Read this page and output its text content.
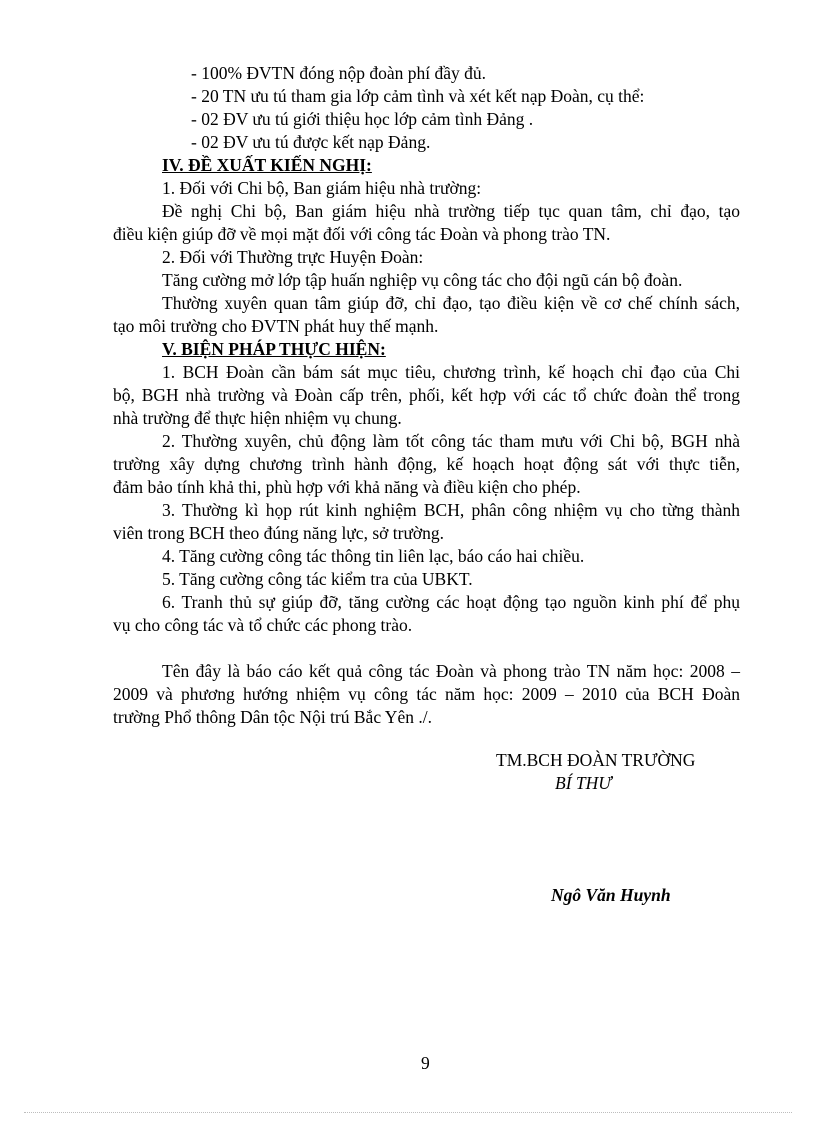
- 100% ĐVTN đóng nộp đoàn phí đầy đủ.
- 20 TN ưu tú tham gia lớp cảm tình và xét kết nạp Đoàn, cụ thể:
- 02 ĐV ưu tú giới thiệu học lớp cảm tình Đảng .
- 02 ĐV ưu tú được kết nạp Đảng.
IV. ĐỀ XUẤT KIẾN NGHỊ:
1. Đối với Chi bộ, Ban giám hiệu nhà trường:
Đề nghị Chi bộ, Ban giám hiệu nhà trường tiếp tục quan tâm, chỉ đạo, tạo
điều kiện giúp đỡ về mọi mặt đối với công tác Đoàn và phong trào TN.
2. Đối với Thường trực Huyện Đoàn:
Tăng cường mở lớp tập huấn nghiệp vụ công tác cho đội ngũ cán bộ đoàn.
Thường xuyên quan tâm giúp đỡ, chỉ đạo, tạo điều kiện về cơ chế chính sách,
tạo môi trường cho ĐVTN phát huy thế mạnh.
V. BIỆN PHÁP THỰC HIỆN:
1. BCH Đoàn cần bám sát mục tiêu, chương trình, kế hoạch chỉ đạo của Chi
bộ, BGH nhà trường và Đoàn cấp trên, phối, kết hợp với các tổ chức đoàn thể trong
nhà trường để thực hiện nhiệm vụ chung.
2. Thường xuyên, chủ động làm tốt công tác tham mưu với Chi bộ, BGH nhà
trường xây dựng chương trình hành động, kế hoạch hoạt động sát với thực tiễn,
đảm bảo tính khả thi, phù hợp với khả năng và điều kiện cho phép.
3. Thường kì họp rút kinh nghiệm BCH, phân công nhiệm vụ cho từng thành
viên trong BCH theo đúng năng lực, sở trường.
4. Tăng cường công tác thông tin liên lạc, báo cáo hai chiều.
5. Tăng cường công tác kiểm tra của UBKT.
6. Tranh thủ sự giúp đỡ, tăng cường các hoạt động tạo nguồn kinh phí để phụ
vụ cho công tác và tổ chức các phong trào.
Tên đây là báo cáo kết quả công tác Đoàn và phong trào TN năm học: 2008 –
2009 và phương hướng nhiệm vụ công tác năm học: 2009 – 2010 của BCH Đoàn
trường Phổ thông Dân tộc Nội trú Bắc Yên ./.
TM.BCH ĐOÀN TRƯỜNG
BÍ THƯ
Ngô Văn Huynh
9
